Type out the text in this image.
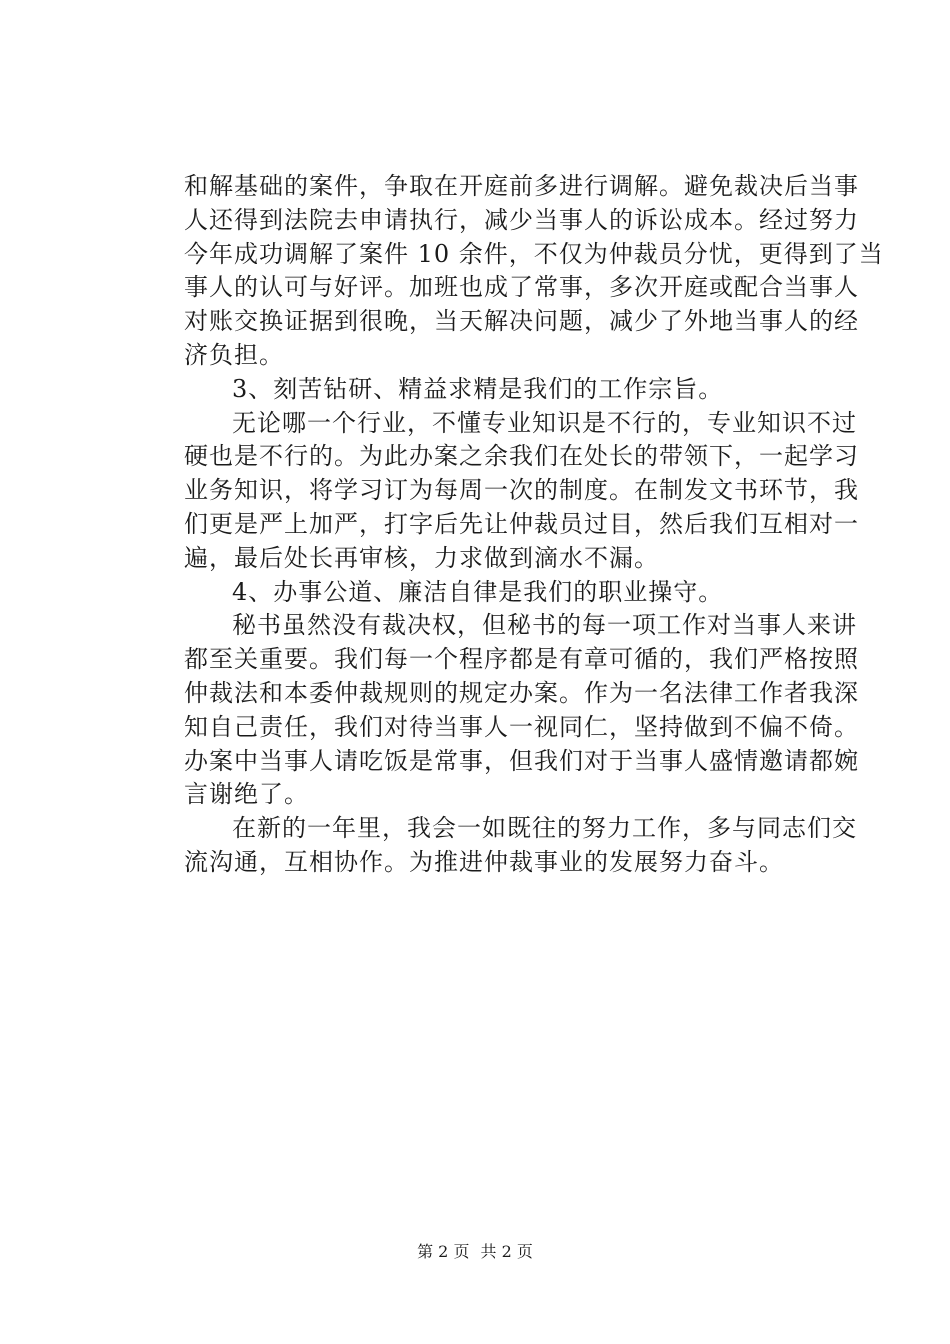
和解基础的案件，争取在开庭前多进行调解。避免裁决后当事
人还得到法院去申请执行，减少当事人的诉讼成本。经过努力
今年成功调解了案件 10 余件，不仅为仲裁员分忧，更得到了当
事人的认可与好评。加班也成了常事，多次开庭或配合当事人
对账交换证据到很晚，当天解决问题，减少了外地当事人的经
济负担。
3、刻苦钻研、精益求精是我们的工作宗旨。
无论哪一个行业，不懂专业知识是不行的，专业知识不过
硬也是不行的。为此办案之余我们在处长的带领下，一起学习
业务知识，将学习订为每周一次的制度。在制发文书环节，我
们更是严上加严，打字后先让仲裁员过目，然后我们互相对一
遍，最后处长再审核，力求做到滴水不漏。
4、办事公道、廉洁自律是我们的职业操守。
秘书虽然没有裁决权，但秘书的每一项工作对当事人来讲
都至关重要。我们每一个程序都是有章可循的，我们严格按照
仲裁法和本委仲裁规则的规定办案。作为一名法律工作者我深
知自己责任，我们对待当事人一视同仁，坚持做到不偏不倚。
办案中当事人请吃饭是常事，但我们对于当事人盛情邀请都婉
言谢绝了。
在新的一年里，我会一如既往的努力工作，多与同志们交
流沟通，互相协作。为推进仲裁事业的发展努力奋斗。
第 2 页 共 2 页
